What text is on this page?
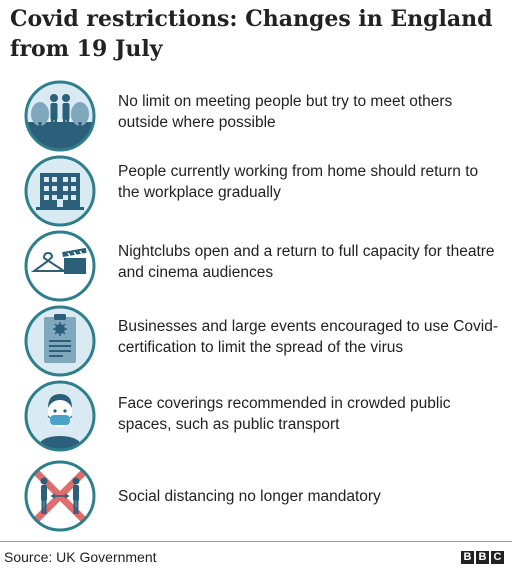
Covid restrictions: Changes in England from 19 July
No limit on meeting people but try to meet others outside where possible
People currently working from home should return to the workplace gradually
Nightclubs open and a return to full capacity for theatre and cinema audiences
Businesses and large events encouraged to use Covid-certification to limit the spread of the virus
Face coverings recommended in crowded public spaces, such as public transport
Social distancing no longer mandatory
Source: UK Government	B B C
